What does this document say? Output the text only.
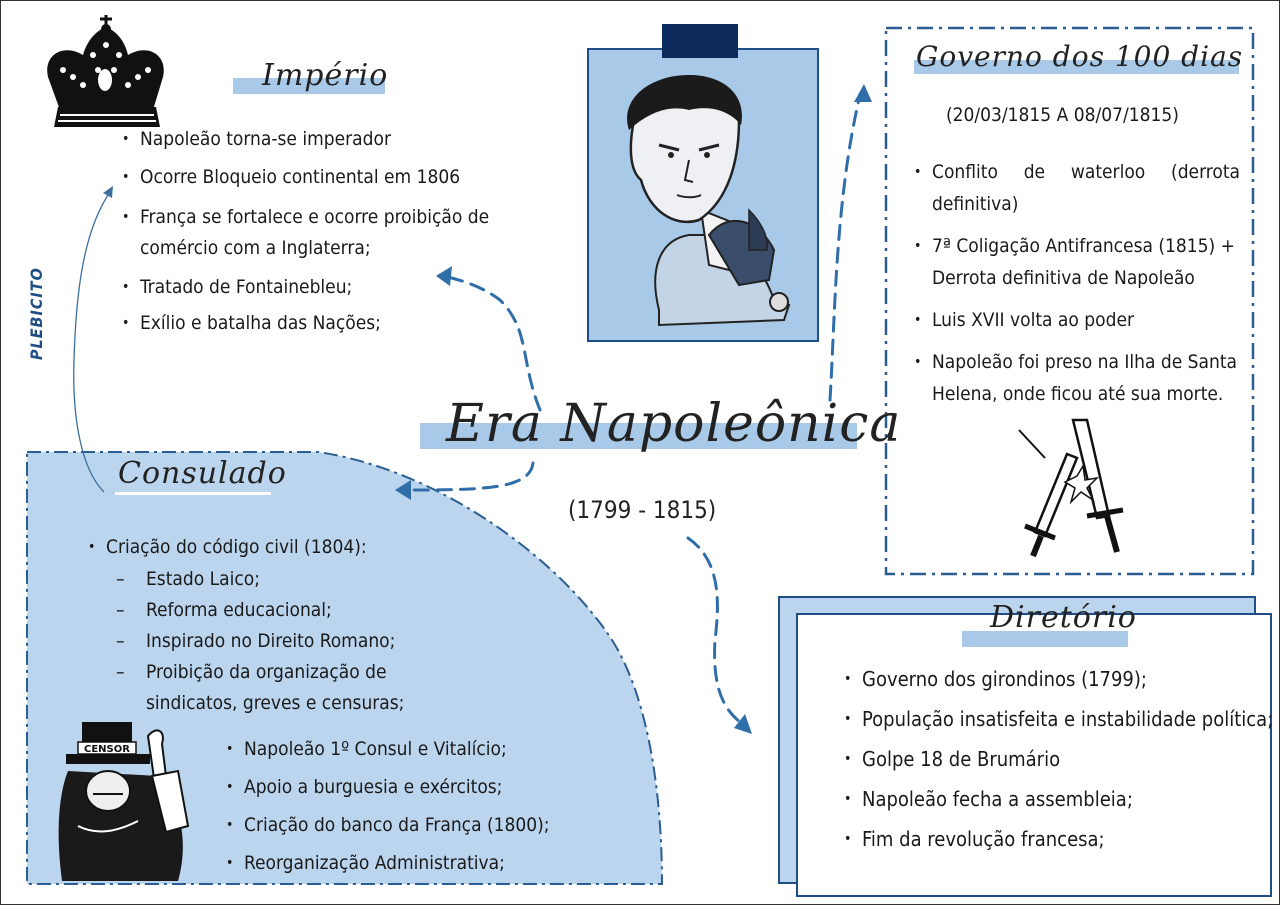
Império
• Napoleão torna-se imperador
• Ocorre Bloqueio continental em 1806
• França se fortalece e ocorre proibição de comércio com a Inglaterra;
• Tratado de Fontainebleu;
• Exílio e batalha das Nações;
PLEBICITO
Era Napoleônica
(1799 - 1815)
Governo dos 100 dias
(20/03/1815 A 08/07/1815)
• Conflito de waterloo (derrota definitiva)
• 7ª Coligação Antifrancesa (1815) + Derrota definitiva de Napoleão
• Luis XVII volta ao poder
• Napoleão foi preso na Ilha de Santa Helena, onde ficou até sua morte.
Consulado
• Criação do código civil (1804):
– Estado Laico;
– Reforma educacional;
– Inspirado no Direito Romano;
– Proibição da organização de sindicatos, greves e censuras;
• Napoleão 1º Consul e Vitalício;
• Apoio a burguesia e exércitos;
• Criação do banco da França (1800);
• Reorganização Administrativa;
CENSOR
Diretório
• Governo dos girondinos (1799);
• População insatisfeita e instabilidade política;
• Golpe 18 de Brumário
• Napoleão fecha a assembleia;
• Fim da revolução francesa;
